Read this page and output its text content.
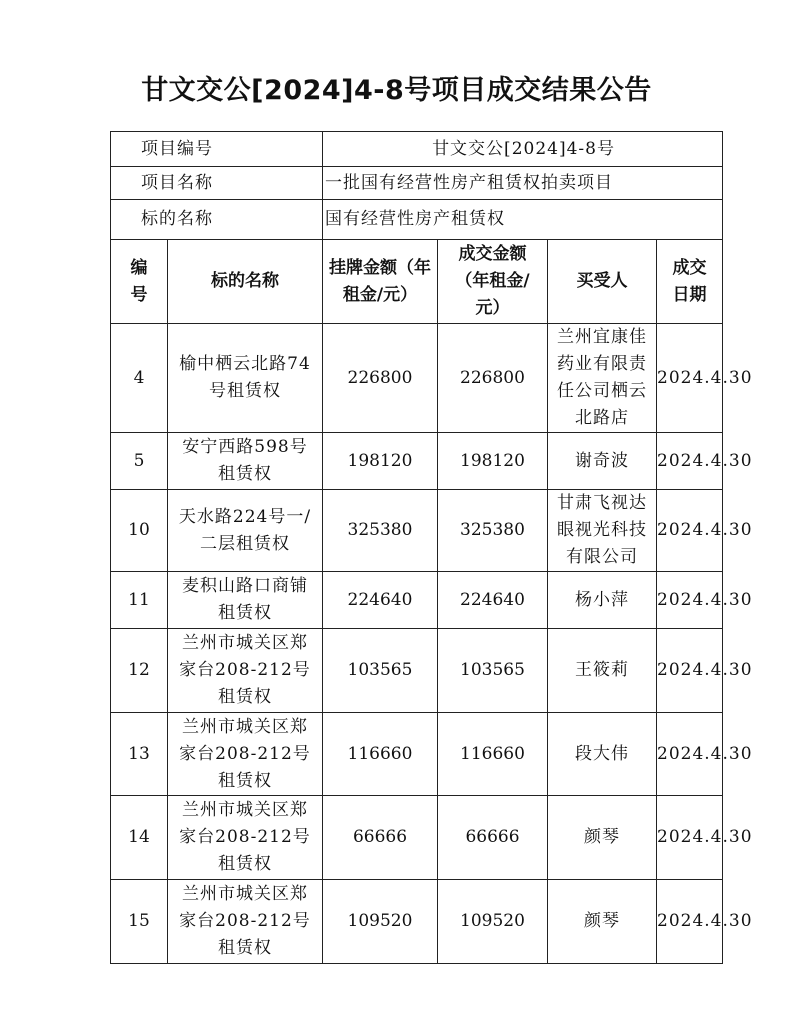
甘文交公[2024]4-8号项目成交结果公告
项目编号		甘文交公[2024]4-8号			
项目名称		一批国有经营性房产租赁权拍卖项目			
标的名称		国有经营性房产租赁权			
编号	标的名称	挂牌金额（年租金/元）	成交金额（年租金/元）	买受人	成交日期
4	榆中栖云北路74号租赁权	226800	226800	兰州宜康佳药业有限责任公司栖云北路店	2024.4.30
5	安宁西路598号租赁权	198120	198120	谢奇波	2024.4.30
10	天水路224号一/二层租赁权	325380	325380	甘肃飞视达眼视光科技有限公司	2024.4.30
11	麦积山路口商铺租赁权	224640	224640	杨小萍	2024.4.30
12	兰州市城关区郑家台208-212号租赁权	103565	103565	王筱莉	2024.4.30
13	兰州市城关区郑家台208-212号租赁权	116660	116660	段大伟	2024.4.30
14	兰州市城关区郑家台208-212号租赁权	66666	66666	颜琴	2024.4.30
15	兰州市城关区郑家台208-212号租赁权	109520	109520	颜琴	2024.4.30
